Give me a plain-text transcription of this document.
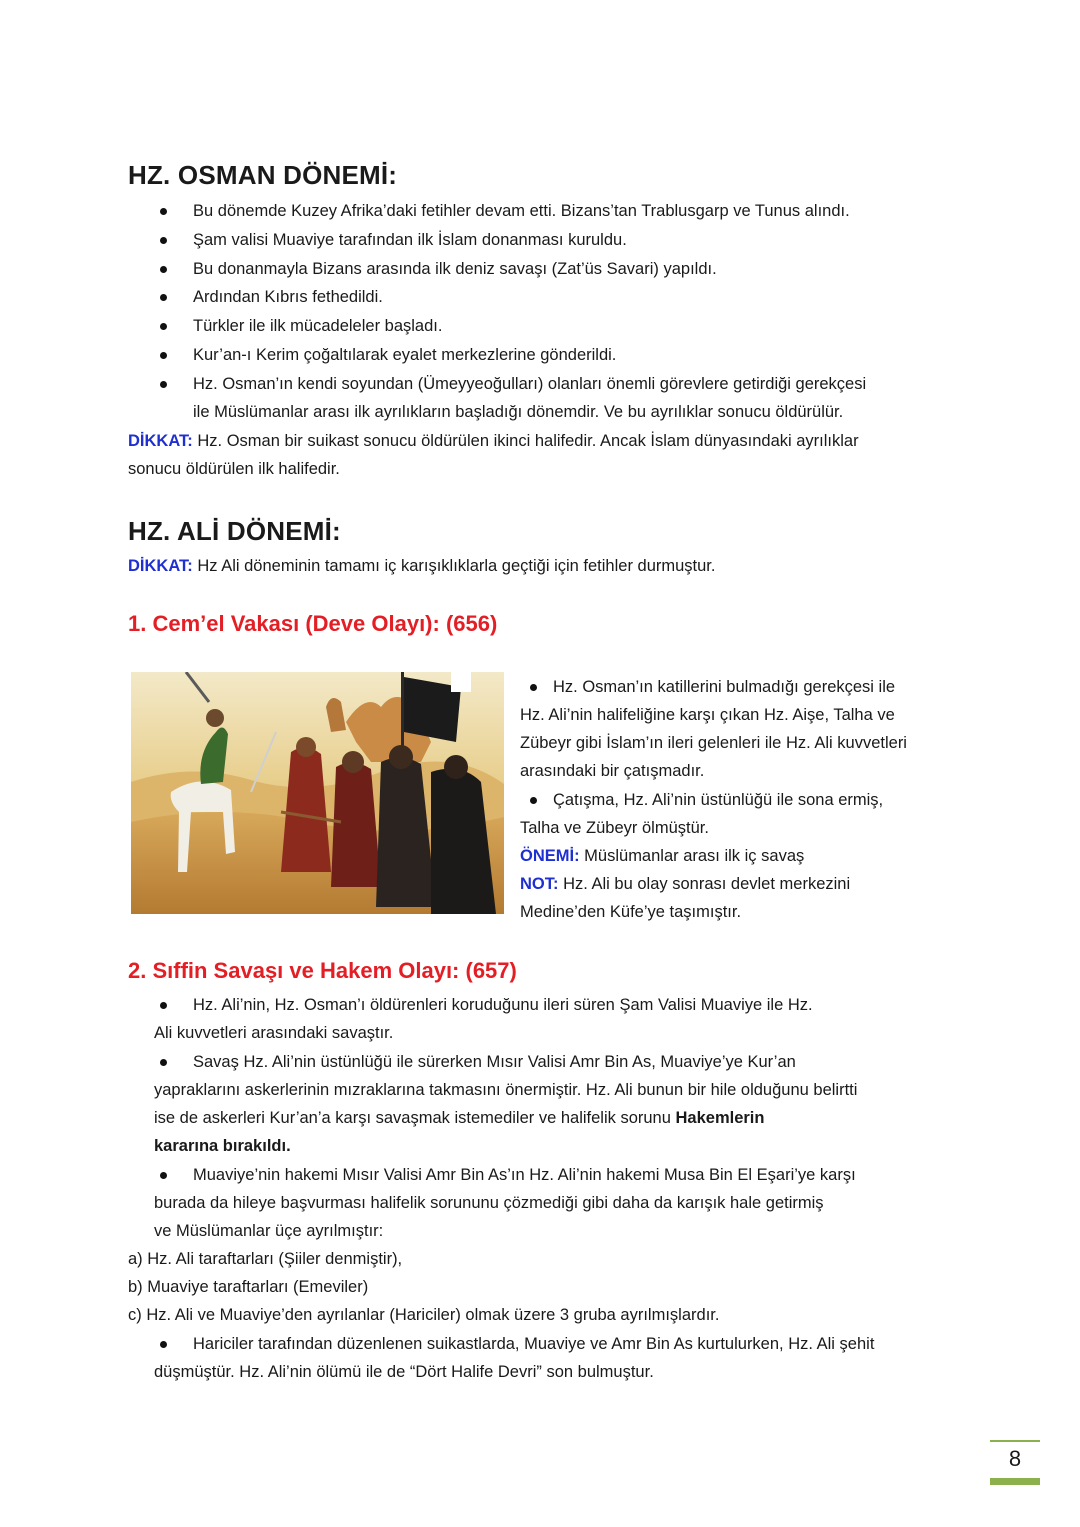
HZ. OSMAN DÖNEMİ:
Bu dönemde Kuzey Afrika’daki fetihler devam etti. Bizans’tan Trablusgarp ve Tunus alındı.
Şam valisi Muaviye tarafından ilk İslam donanması kuruldu.
Bu donanmayla Bizans arasında ilk deniz savaşı (Zat’üs Savari) yapıldı.
Ardından Kıbrıs fethedildi.
Türkler ile ilk mücadeleler başladı.
Kur’an-ı Kerim çoğaltılarak eyalet merkezlerine gönderildi.
Hz. Osman’ın kendi soyundan (Ümeyyeoğulları) olanları önemli görevlere getirdiği gerekçesi
ile Müslümanlar arası ilk ayrılıkların başladığı dönemdir. Ve bu ayrılıklar sonucu öldürülür.
DİKKAT: Hz. Osman bir suikast sonucu öldürülen ikinci halifedir. Ancak İslam dünyasındaki ayrılıklar
sonucu öldürülen ilk halifedir.
HZ. ALİ DÖNEMİ:
DİKKAT: Hz Ali döneminin tamamı iç karışıklıklarla geçtiği için fetihler durmuştur.
1. Cem’el Vakası (Deve Olayı): (656)
Hz. Osman’ın katillerini bulmadığı gerekçesi ile
Hz. Ali’nin halifeliğine karşı çıkan Hz. Aişe, Talha ve
Zübeyr gibi İslam’ın ileri gelenleri ile Hz. Ali kuvvetleri
arasındaki bir çatışmadır.
Çatışma, Hz. Ali’nin üstünlüğü ile sona ermiş,
Talha ve Zübeyr ölmüştür.
ÖNEMİ: Müslümanlar arası ilk iç savaş
NOT: Hz. Ali bu olay sonrası devlet merkezini
Medine’den Küfe’ye taşımıştır.
2. Sıffin Savaşı ve Hakem Olayı: (657)
Hz. Ali’nin, Hz. Osman’ı öldürenleri koruduğunu ileri süren Şam Valisi Muaviye ile Hz.
Ali kuvvetleri arasındaki savaştır.
Savaş Hz. Ali’nin üstünlüğü ile sürerken Mısır Valisi Amr Bin As, Muaviye’ye Kur’an
yapraklarını askerlerinin mızraklarına takmasını önermiştir. Hz. Ali bunun bir hile olduğunu belirtti
ise de askerleri Kur’an’a karşı savaşmak istemediler ve halifelik sorunu Hakemlerin
kararına bırakıldı.
Muaviye’nin hakemi Mısır Valisi Amr Bin As’ın Hz. Ali’nin hakemi Musa Bin El Eşari’ye karşı
burada da hileye başvurması halifelik sorununu çözmediği gibi daha da karışık hale getirmiş
ve Müslümanlar üçe ayrılmıştır:
a) Hz. Ali taraftarları (Şiiler denmiştir),
b) Muaviye taraftarları (Emeviler)
c) Hz. Ali ve Muaviye’den ayrılanlar (Hariciler) olmak üzere 3 gruba ayrılmışlardır.
Hariciler tarafından düzenlenen suikastlarda, Muaviye ve Amr Bin As kurtulurken, Hz. Ali şehit
düşmüştür. Hz. Ali’nin ölümü ile de “Dört Halife Devri” son bulmuştur.
8
